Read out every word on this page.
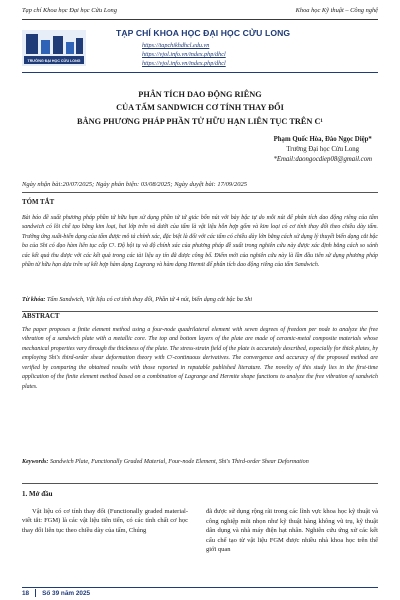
Tạp chí Khoa học Đại học Cửu Long	Khoa học Kỹ thuật – Công nghệ
TRƯỜNG ĐẠI HỌC CỬU LONG
TẠP CHÍ KHOA HỌC ĐẠI HỌC CỬU LONG
https://tapchikhdhcl.edu.vn
https://vjol.info.vn/index.php/dhcl
https://vjol.info.vn/index.php/dhcl
PHÂN TÍCH DAO ĐỘNG RIÊNG
CỦA TẤM SANDWICH CƠ TÍNH THAY ĐỔI
BẰNG PHƯƠNG PHÁP PHẦN TỬ HỮU HẠN LIÊN TỤC TRÊN C¹
Phạm Quốc Hòa, Đào Ngọc Diệp*
Trường Đại học Cửu Long
*Email:daongocdiep08@gmail.com
Ngày nhận bài:20/07/2025; Ngày phản biện: 03/08/2025; Ngày duyệt bài: 17/09/2025
TÓM TẮT
Bài báo đề xuất phương pháp phần tử hữu hạn sử dụng phần tử tứ giác bốn nút với bảy bậc tự do mỗi nút để phân tích dao động riêng của tấm sandwich có lõi chế tạo bằng kim loại, hai lớp trên và dưới của tấm là vật liệu hỗn hợp gốm và kim loại có cơ tính thay đổi theo chiều dày tấm. Trường ứng suất-biến dạng của tấm được mô tả chính xác, đặc biệt là đối với các tấm có chiều dày lớn bằng cách sử dụng lý thuyết biến dạng cắt bậc ba của Shi có đạo hàm liên tục cấp C¹. Độ hội tụ và độ chính xác của phương pháp đề xuất trong nghiên cứu này được xác định bằng cách so sánh các kết quả thu được với các kết quả trong các tài liệu uy tín đã được công bố. Điểm mới của nghiên cứu này là lần đầu tiên sử dụng phương pháp phần tử hữu hạn dựa trên sự kết hợp hàm dạng Lagrang và hàm dạng Hermit để phân tích dao động riêng của tấm Sandwich.
Từ khóa: Tấm Sandwich, Vật liệu có cơ tính thay đổi, Phần tử 4 nút, biến dạng cắt bậc ba Shi
ABSTRACT
The paper proposes a finite element method using a four-node quadrilateral element with seven degrees of freedom per node to analyze the free vibration of a sandwich plate with a metallic core. The top and bottom layers of the plate are made of ceramic-metal composite materials whose mechanical properties vary through the thickness of the plate. The stress-strain field of the plate is accurately described, especially for thick plates, by employing Shi's third-order shear deformation theory with C¹-continuous derivatives. The convergence and accuracy of the proposed method are verified by comparing the obtained results with those reported in reputable published literature. The novelty of this study lies in the first-time application of the finite element method based on a combination of Lagrange and Hermite shape functions to analyze the free vibration of sandwich plates.
Keywords: Sandwich Plate, Functionally Graded Material, Four-node Element, Shi's Third-order Shear Deformation
1. Mở đầu

Vật liệu có cơ tính thay đổi (Functionally graded material- viết tắt: FGM) là các vật liệu tiên tiến, có các tính chất cơ học thay đổi liên tục theo chiều dày của tấm, Chúng

đã được sử dụng rộng rãi trong các lĩnh vực khoa học kỹ thuật và công nghiệp mũi nhọn như kỹ thuật hàng không vũ trụ, kỹ thuật dân dụng và nhà máy điện hạt nhân. Nghiên cứu ứng xử các kết cấu chế tạo từ vật liệu FGM được nhiều nhà khoa học trên thế giới quan

18 Số 39 năm 2025
